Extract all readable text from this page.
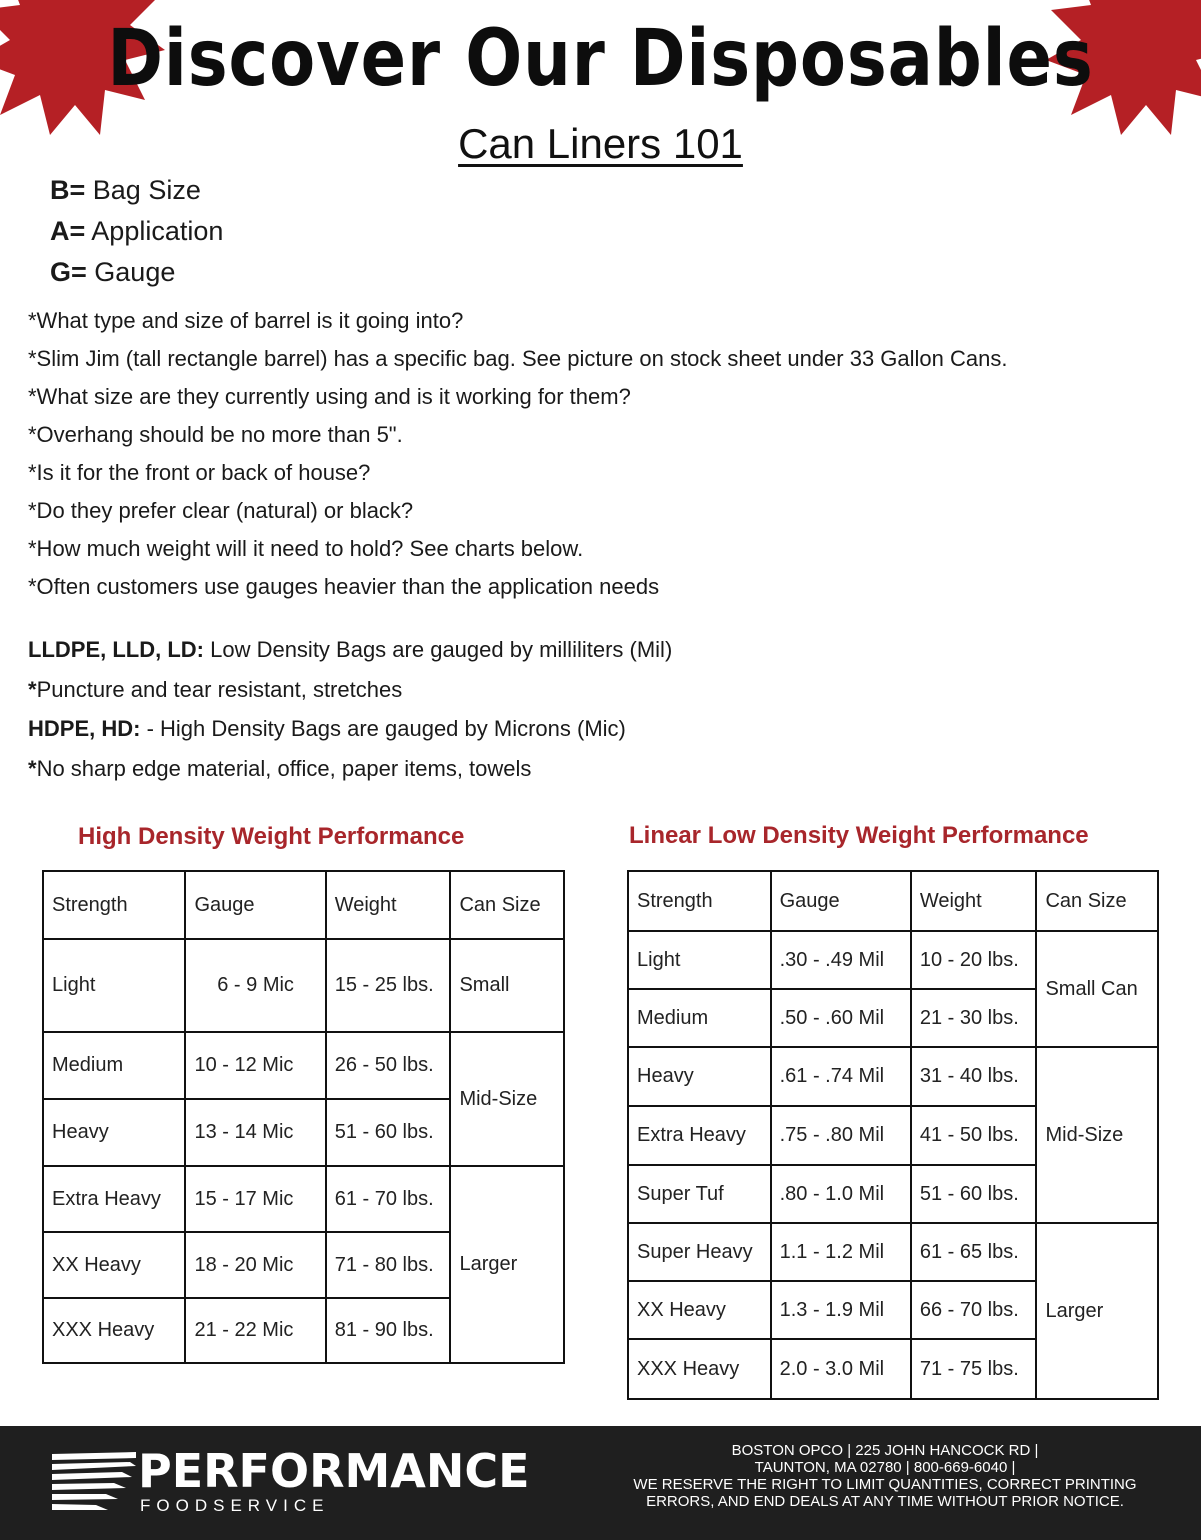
Discover Our Disposables
Can Liners 101
B= Bag Size
A= Application
G= Gauge
*What type and size of barrel is it going into?
*Slim Jim (tall rectangle barrel) has a specific bag. See picture on stock sheet under 33 Gallon Cans.
*What size are they currently using and is it working for them?
*Overhang should be no more than 5".
*Is it for the front or back of house?
*Do they prefer clear (natural) or black?
*How much weight will it need to hold? See charts below.
*Often customers use gauges heavier than the application needs
LLDPE, LLD, LD: Low Density Bags are gauged by milliliters (Mil)
*Puncture and tear resistant, stretches
HDPE, HD: - High Density Bags are gauged by Microns (Mic)
*No sharp edge material, office, paper items, towels
High Density Weight Performance
Strength	Gauge	Weight	Can Size
Light	6 - 9 Mic	15 - 25 lbs.	Small
Medium	10 - 12 Mic	26 - 50 lbs.	Mid-Size
Heavy	13 - 14 Mic	51 - 60 lbs.	
Extra Heavy	15 - 17 Mic	61 - 70 lbs.	Larger
XX Heavy	18 - 20 Mic	71 - 80 lbs.	
XXX Heavy	21 - 22 Mic	81 - 90 lbs.	
Linear Low Density Weight Performance
Strength	Gauge	Weight	Can Size
Light	.30 - .49 Mil	10 - 20 lbs.	Small Can
Medium	.50 - .60 Mil	21 - 30 lbs.	
Heavy	.61 - .74 Mil	31 - 40 lbs.	Mid-Size
Extra Heavy	.75 - .80 Mil	41 - 50 lbs.	
Super Tuf	.80 - 1.0 Mil	51 - 60 lbs.	
Super Heavy	1.1 - 1.2 Mil	61 - 65 lbs.	Larger
XX Heavy	1.3 - 1.9 Mil	66 - 70 lbs.	
XXX Heavy	2.0 - 3.0 Mil	71 - 75 lbs.	
PERFORMANCE
FOODSERVICE
BOSTON OPCO | 225 JOHN HANCOCK RD |
TAUNTON, MA 02780 | 800-669-6040 |
WE RESERVE THE RIGHT TO LIMIT QUANTITIES, CORRECT PRINTING
ERRORS, AND END DEALS AT ANY TIME WITHOUT PRIOR NOTICE.
